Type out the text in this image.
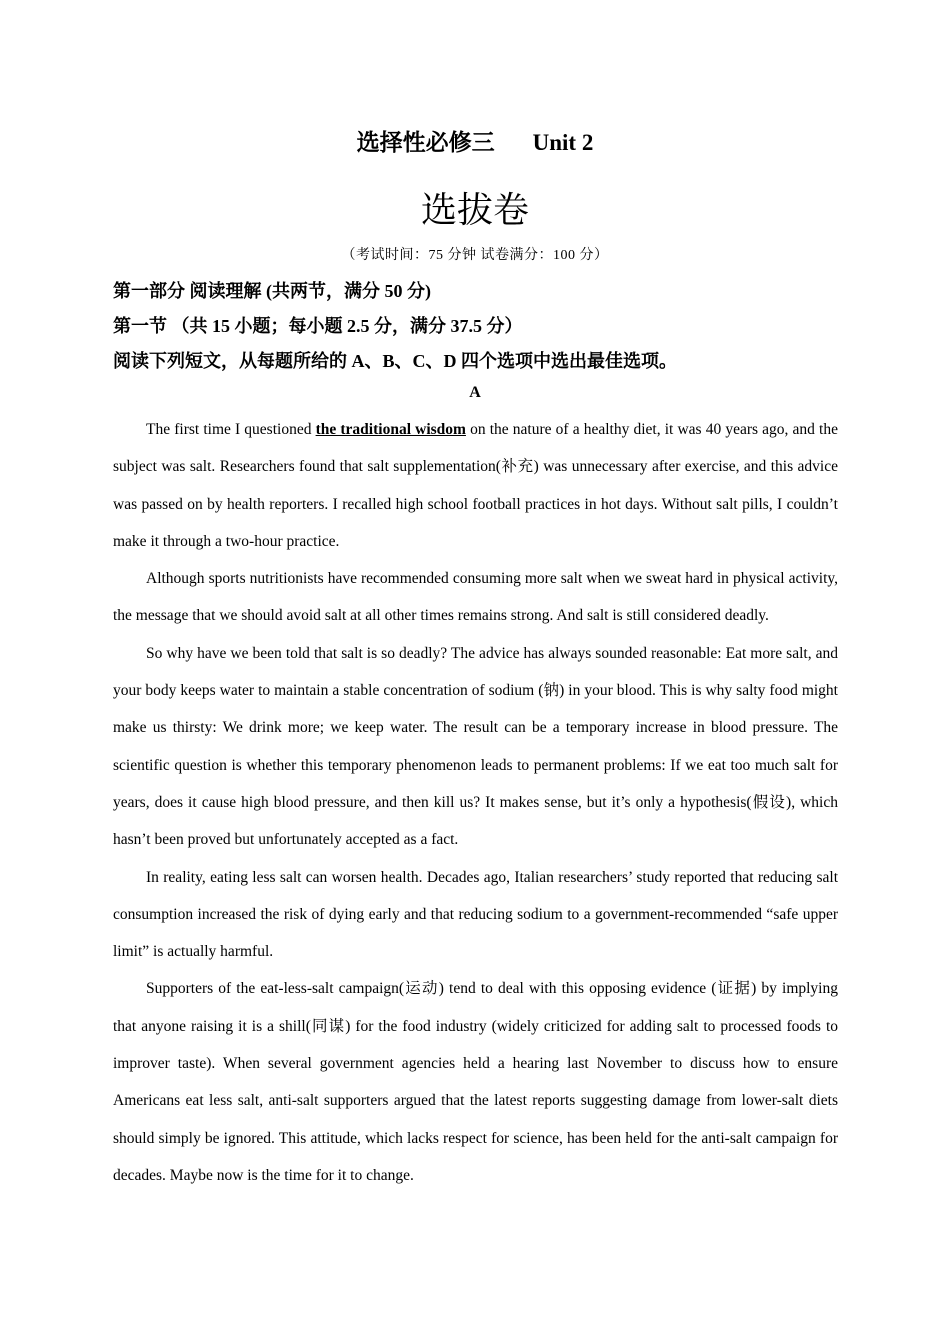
选择性必修三 Unit 2
选拔卷
（考试时间：75 分钟 试卷满分：100 分）
第一部分 阅读理解 (共两节，满分 50 分)
第一节 （共 15 小题；每小题 2.5 分，满分 37.5 分）
阅读下列短文，从每题所给的 A、B、C、D 四个选项中选出最佳选项。
A

The first time I questioned the traditional wisdom on the nature of a healthy diet, it was 40 years ago, and the subject was salt. Researchers found that salt supplementation(补充) was unnecessary after exercise, and this advice was passed on by health reporters. I recalled high school football practices in hot days. Without salt pills, I couldn’t make it through a two-hour practice.

Although sports nutritionists have recommended consuming more salt when we sweat hard in physical activity, the message that we should avoid salt at all other times remains strong. And salt is still considered deadly.

So why have we been told that salt is so deadly? The advice has always sounded reasonable: Eat more salt, and your body keeps water to maintain a stable concentration of sodium (钠) in your blood. This is why salty food might make us thirsty: We drink more; we keep water. The result can be a temporary increase in blood pressure. The scientific question is whether this temporary phenomenon leads to permanent problems: If we eat too much salt for years, does it cause high blood pressure, and then kill us? It makes sense, but it’s only a hypothesis(假设), which hasn’t been proved but unfortunately accepted as a fact.

In reality, eating less salt can worsen health. Decades ago, Italian researchers’ study reported that reducing salt consumption increased the risk of dying early and that reducing sodium to a government-recommended “safe upper limit” is actually harmful.

Supporters of the eat-less-salt campaign(运动) tend to deal with this opposing evidence (证据) by implying that anyone raising it is a shill(同谋) for the food industry (widely criticized for adding salt to processed foods to improver taste). When several government agencies held a hearing last November to discuss how to ensure Americans eat less salt, anti-salt supporters argued that the latest reports suggesting damage from lower-salt diets should simply be ignored. This attitude, which lacks respect for science, has been held for the anti-salt campaign for decades. Maybe now is the time for it to change.
